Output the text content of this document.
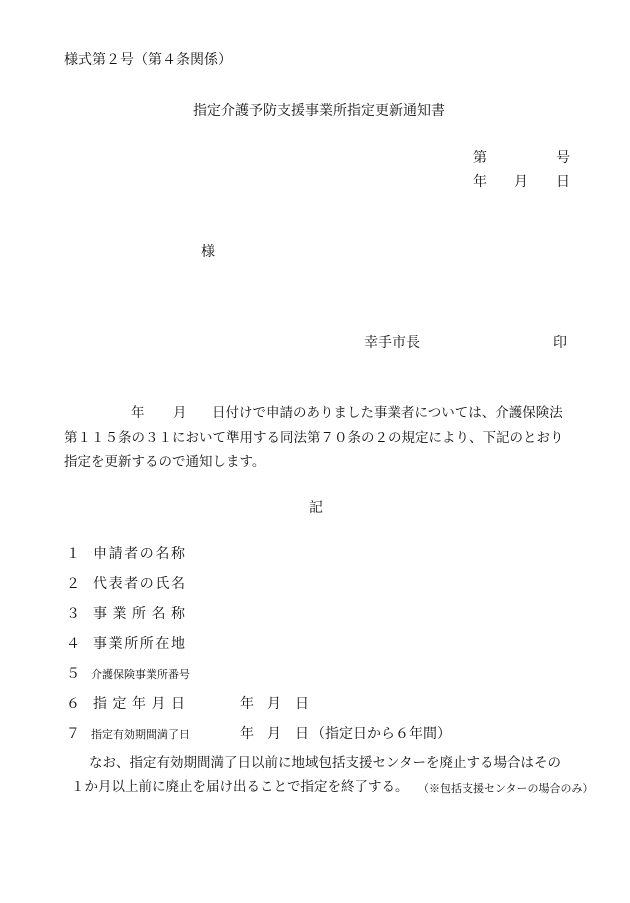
様式第２号（第４条関係）
指定介護予防支援事業所指定更新通知書
第	号
年 月 日
様
幸手市長	印
年 月 日付けで申請のありました事業者については、介護保険法
第１１５条の３１において準用する同法第７０条の２の規定により、下記のとおり
指定を更新するので通知します。
記
１ 申請者の名称
２ 代表者の氏名
３ 事業所名称
４ 事業所所在地
５ 介護保険事業所番号
６ 指定年月日	年 月 日
７ 指定有効期間満了日	年 月 日 （指定日から６年間）
なお、指定有効期間満了日以前に地域包括支援センターを廃止する場合はその
１か月以上前に廃止を届け出ることで指定を終了する。 （※包括支援センターの場合のみ）
